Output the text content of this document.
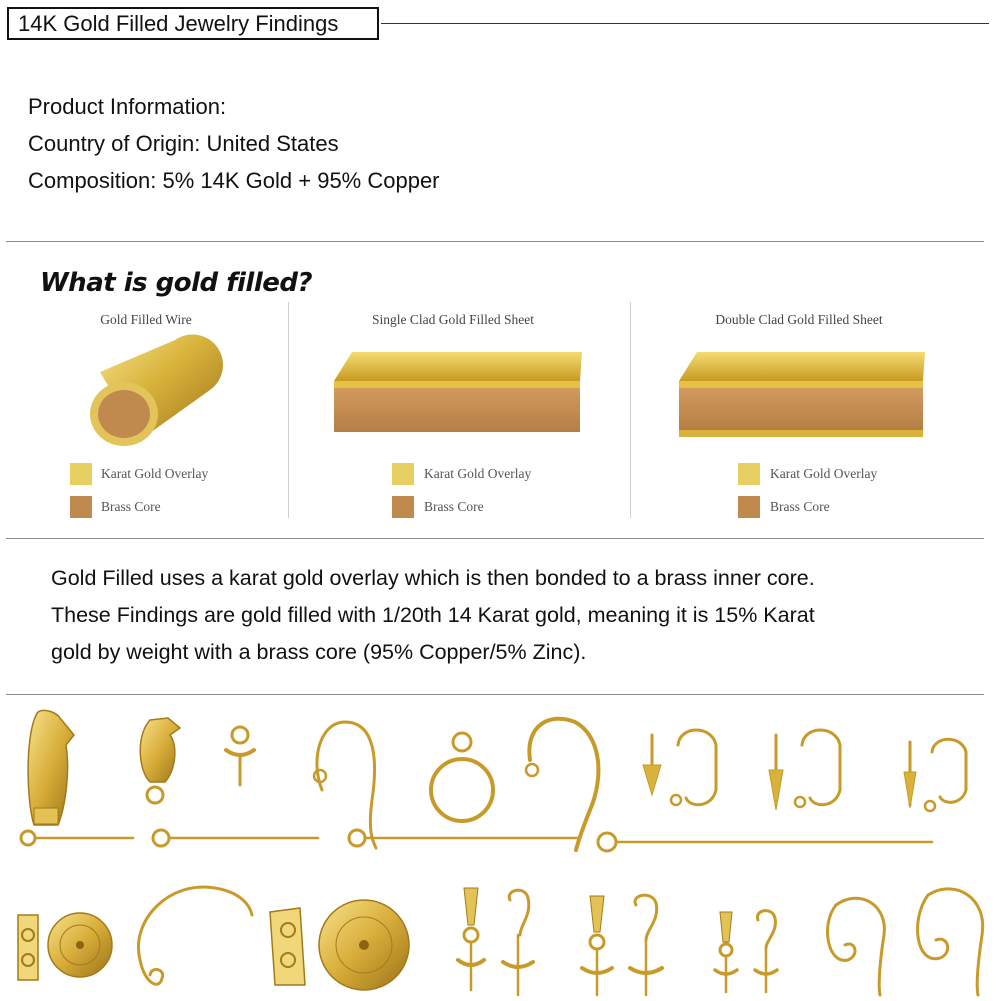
14K Gold Filled Jewelry Findings
Product Information:
Country of Origin: United States
Composition: 5% 14K Gold + 95% Copper
What is gold filled?
Gold Filled Wire	Single Clad Gold Filled Sheet	Double Clad Gold Filled Sheet
Karat Gold Overlay
Brass Core
Karat Gold Overlay
Brass Core
Karat Gold Overlay
Brass Core
Gold Filled uses a karat gold overlay which is then bonded to a brass inner core.
These Findings are gold filled with 1/20th 14 Karat gold, meaning it is 15% Karat
gold by weight with a brass core (95% Copper/5% Zinc).
